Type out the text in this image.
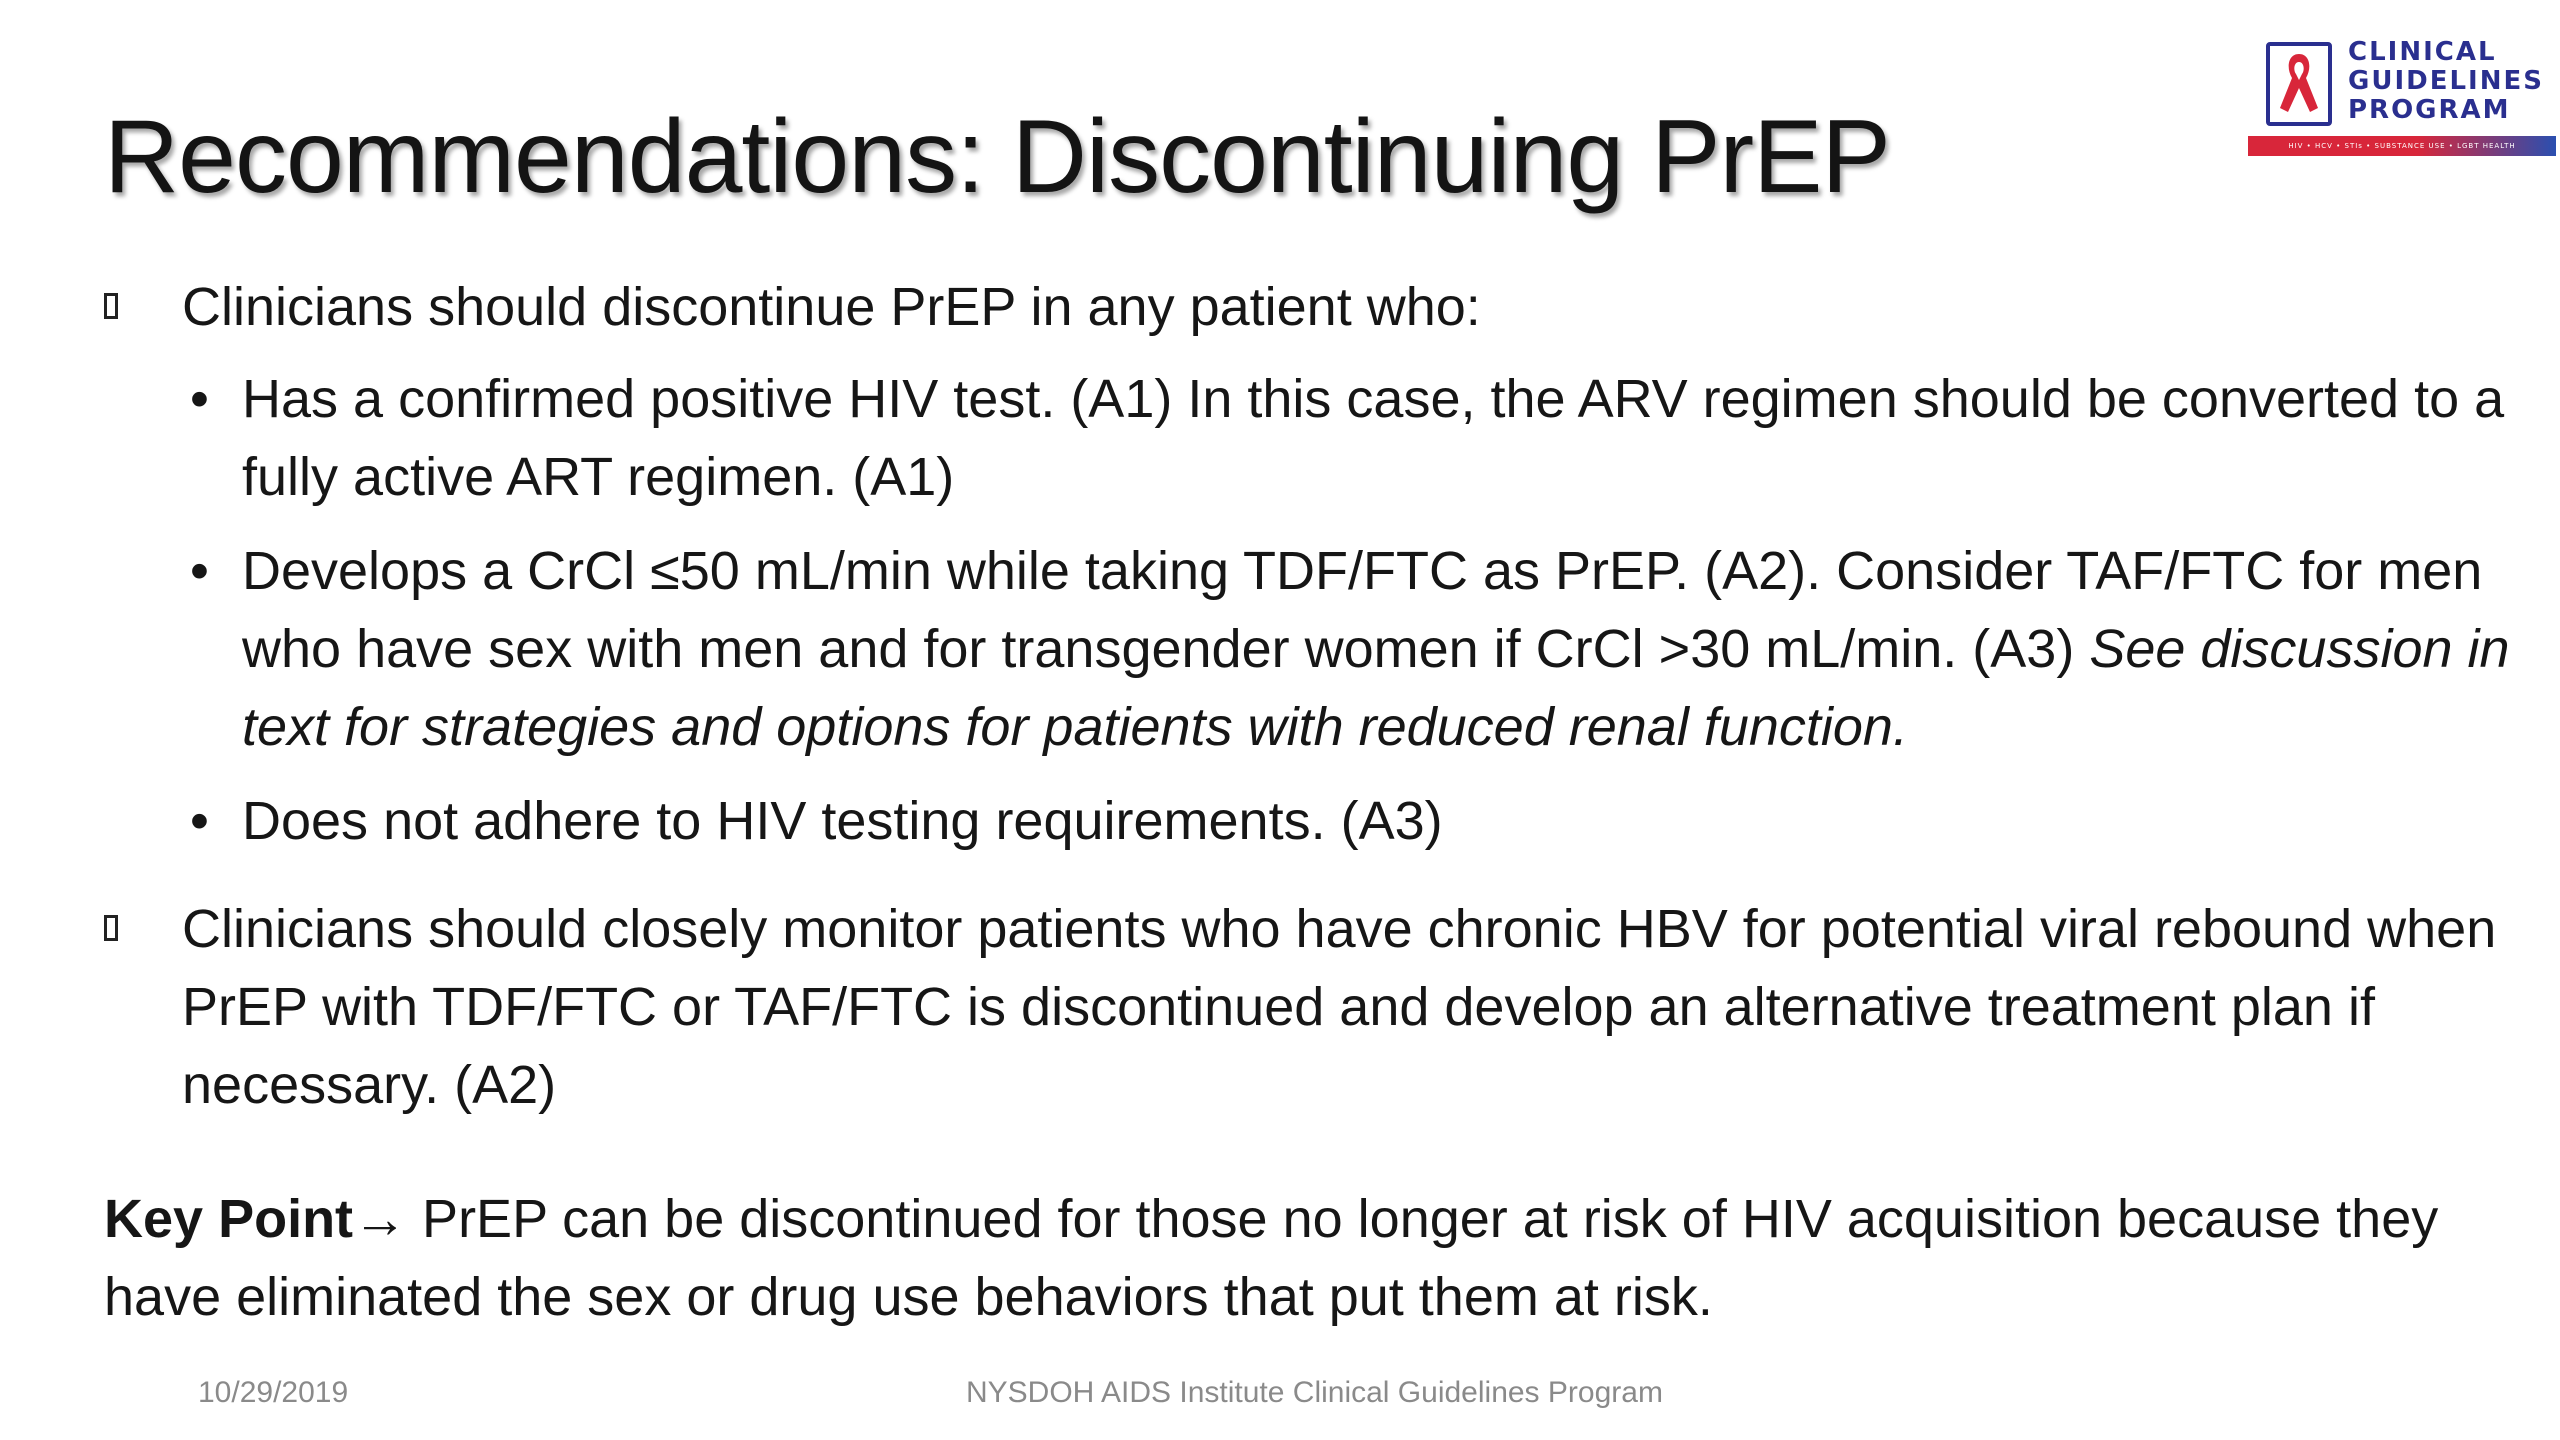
Recommendations: Discontinuing PrEP
CLINICAL
GUIDELINES
PROGRAM
HIV • HCV • STIs • SUBSTANCE USE • LGBT HEALTH
Clinicians should discontinue PrEP in any patient who:
• Has a confirmed positive HIV test. (A1) In this case, the ARV regimen should be converted to a fully active ART regimen. (A1)
• Develops a CrCl ≤50 mL/min while taking TDF/FTC as PrEP. (A2). Consider TAF/FTC for men who have sex with men and for transgender women if CrCl >30 mL/min. (A3) See discussion in text for strategies and options for patients with reduced renal function.
• Does not adhere to HIV testing requirements. (A3)
Clinicians should closely monitor patients who have chronic HBV for potential viral rebound when PrEP with TDF/FTC or TAF/FTC is discontinued and develop an alternative treatment plan if necessary. (A2)
Key Point→ PrEP can be discontinued for those no longer at risk of HIV acquisition because they have eliminated the sex or drug use behaviors that put them at risk.
10/29/2019	NYSDOH AIDS Institute Clinical Guidelines Program
